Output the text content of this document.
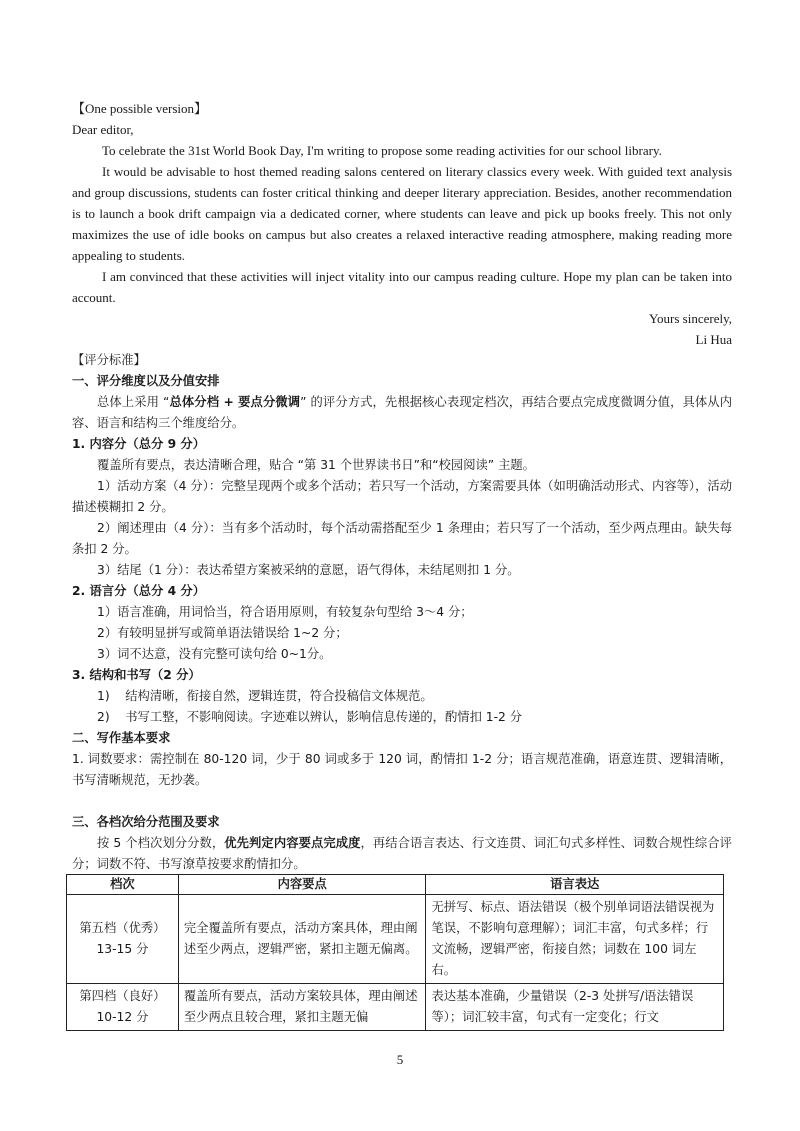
【One possible version】

Dear editor,

To celebrate the 31st World Book Day, I'm writing to propose some reading activities for our school library.

It would be advisable to host themed reading salons centered on literary classics every week. With guided text analysis and group discussions, students can foster critical thinking and deeper literary appreciation. Besides, another recommendation is to launch a book drift campaign via a dedicated corner, where students can leave and pick up books freely. This not only maximizes the use of idle books on campus but also creates a relaxed interactive reading atmosphere, making reading more appealing to students.

I am convinced that these activities will inject vitality into our campus reading culture. Hope my plan can be taken into account.

Yours sincerely,

Li Hua

【评分标准】

一、评分维度以及分值安排

总体上采用 “总体分档 + 要点分微调” 的评分方式，先根据核心表现定档次，再结合要点完成度微调分值，具体从内容、语言和结构三个维度给分。

1. 内容分（总分 9 分）

覆盖所有要点，表达清晰合理，贴合 “第 31 个世界读书日”和“校园阅读” 主题。

1）活动方案（4 分）：完整呈现两个或多个活动；若只写一个活动，方案需要具体（如明确活动形式、内容等），活动描述模糊扣 2 分。

2）阐述理由（4 分）：当有多个活动时，每个活动需搭配至少 1 条理由；若只写了一个活动，至少两点理由。缺失每条扣 2 分。

3）结尾（1 分）：表达希望方案被采纳的意愿，语气得体，未结尾则扣 1 分。

2. 语言分（总分 4 分）

1）语言准确，用词恰当，符合语用原则，有较复杂句型给 3～4 分；

2）有较明显拼写或简单语法错误给 1~2 分；

3）词不达意，没有完整可读句给 0~1分。

3. 结构和书写（2 分）

1)    结构清晰，衔接自然，逻辑连贯，符合投稿信文体规范。

2)    书写工整，不影响阅读。字迹难以辨认，影响信息传递的，酌情扣 1-2 分

二、写作基本要求

1. 词数要求：需控制在 80-120 词，少于 80 词或多于 120 词，酌情扣 1-2 分；语言规范准确，语意连贯、逻辑清晰，书写清晰规范，无抄袭。

三、各档次给分范围及要求

按 5 个档次划分分数，优先判定内容要点完成度，再结合语言表达、行文连贯、词汇句式多样性、词数合规性综合评分；词数不符、书写潦草按要求酌情扣分。

档次	内容要点	语言表达

第五档（优秀）
13-15 分	完全覆盖所有要点，活动方案具体，理由阐述至少两点，逻辑严密，紧扣主题无偏离。	无拼写、标点、语法错误（极个别单词语法错误视为笔误，不影响句意理解）；词汇丰富，句式多样；行文流畅，逻辑严密，衔接自然；词数在 100 词左右。

第四档（良好）
10-12 分	覆盖所有要点，活动方案较具体，理由阐述至少两点且较合理，紧扣主题无偏	表达基本准确，少量错误（2-3 处拼写/语法错误等）；词汇较丰富，句式有一定变化；行文
5
